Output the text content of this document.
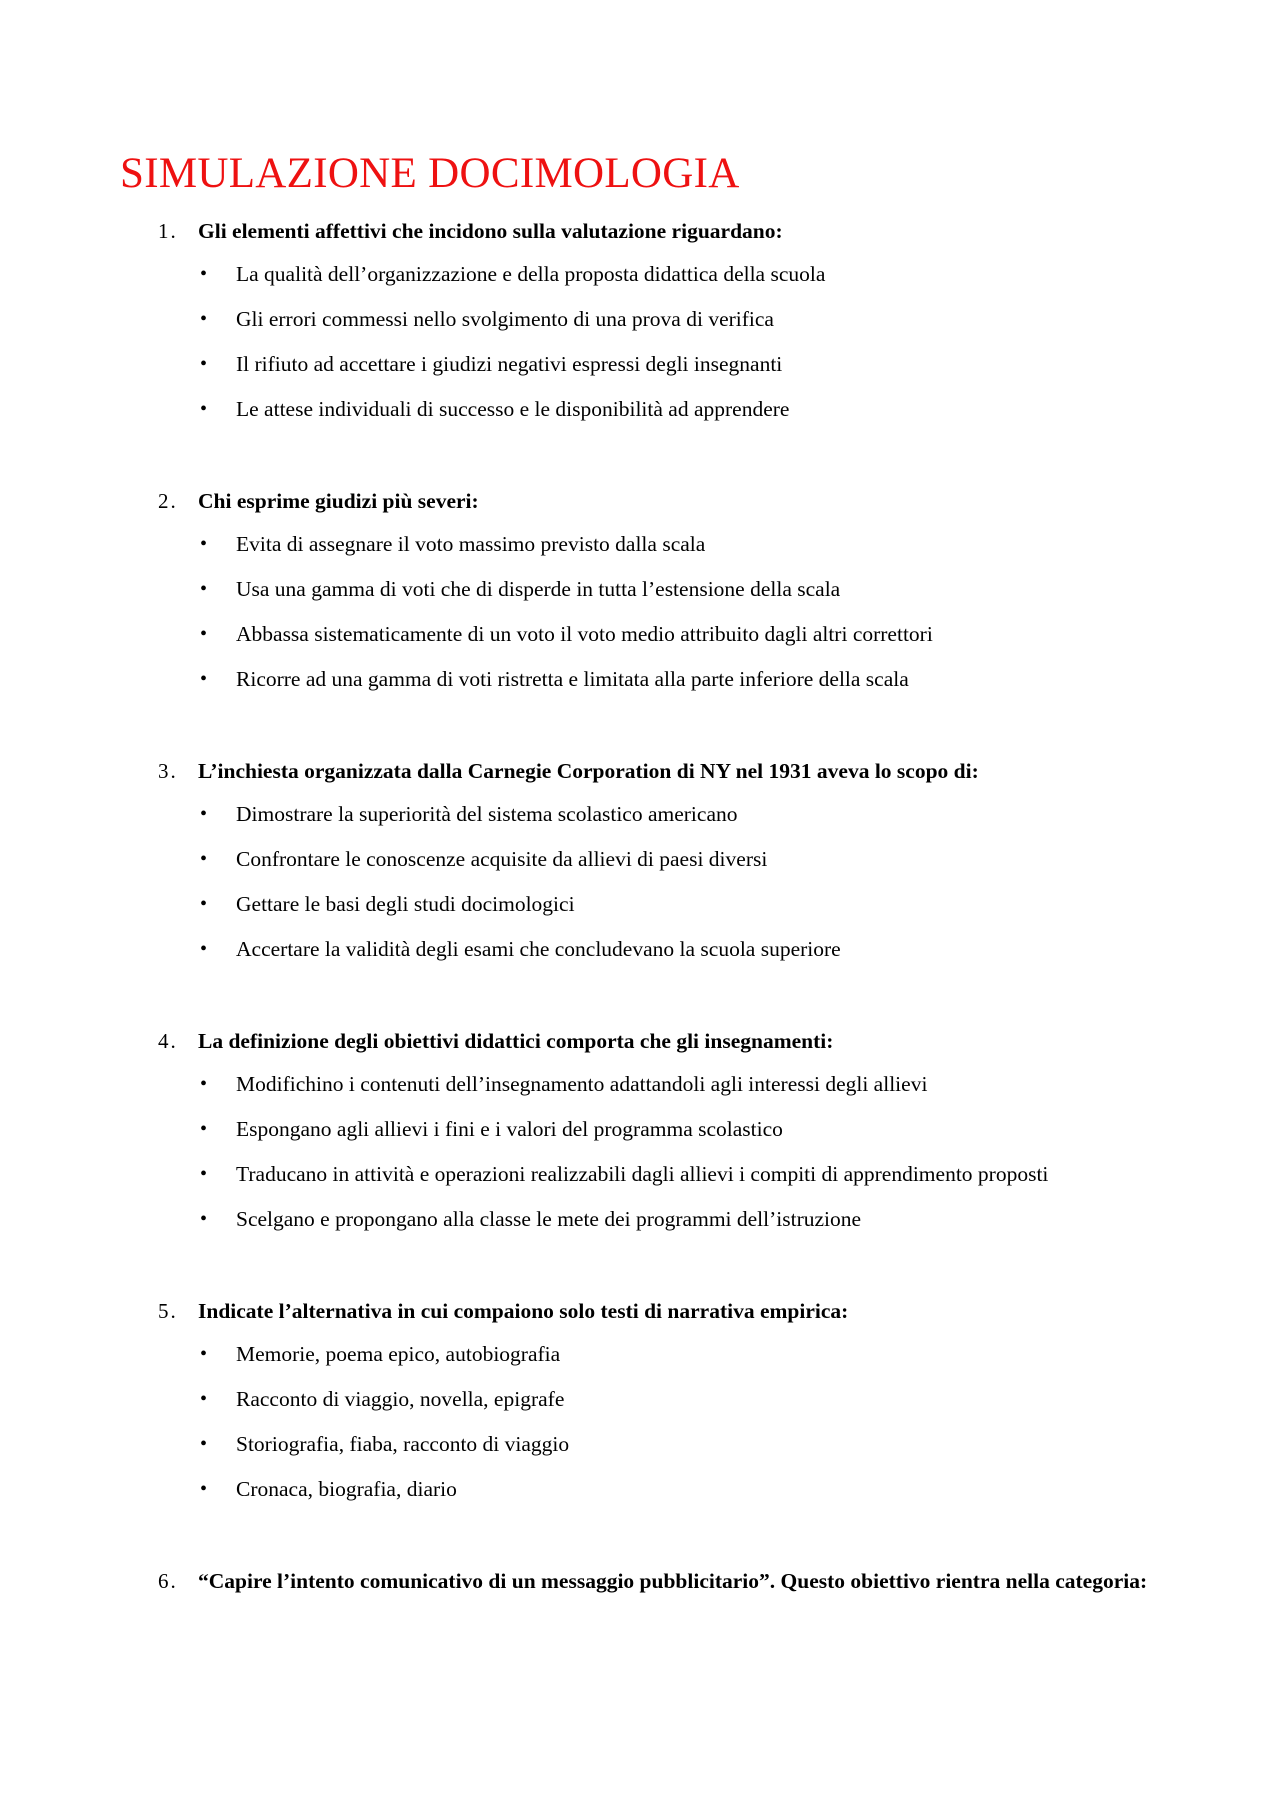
SIMULAZIONE DOCIMOLOGIA
1. Gli elementi affettivi che incidono sulla valutazione riguardano:
• La qualità dell’organizzazione e della proposta didattica della scuola
• Gli errori commessi nello svolgimento di una prova di verifica
• Il rifiuto ad accettare i giudizi negativi espressi degli insegnanti
• Le attese individuali di successo e le disponibilità ad apprendere
2. Chi esprime giudizi più severi:
• Evita di assegnare il voto massimo previsto dalla scala
• Usa una gamma di voti che di disperde in tutta l’estensione della scala
• Abbassa sistematicamente di un voto il voto medio attribuito dagli altri correttori
• Ricorre ad una gamma di voti ristretta e limitata alla parte inferiore della scala
3. L’inchiesta organizzata dalla Carnegie Corporation di NY nel 1931 aveva lo scopo di:
• Dimostrare la superiorità del sistema scolastico americano
• Confrontare le conoscenze acquisite da allievi di paesi diversi
• Gettare le basi degli studi docimologici
• Accertare la validità degli esami che concludevano la scuola superiore
4. La definizione degli obiettivi didattici comporta che gli insegnamenti:
• Modifichino i contenuti dell’insegnamento adattandoli agli interessi degli allievi
• Espongano agli allievi i fini e i valori del programma scolastico
• Traducano in attività e operazioni realizzabili dagli allievi i compiti di apprendimento proposti
• Scelgano e propongano alla classe le mete dei programmi dell’istruzione
5. Indicate l’alternativa in cui compaiono solo testi di narrativa empirica:
• Memorie, poema epico, autobiografia
• Racconto di viaggio, novella, epigrafe
• Storiografia, fiaba, racconto di viaggio
• Cronaca, biografia, diario
6. “Capire l’intento comunicativo di un messaggio pubblicitario”. Questo obiettivo rientra nella categoria:
